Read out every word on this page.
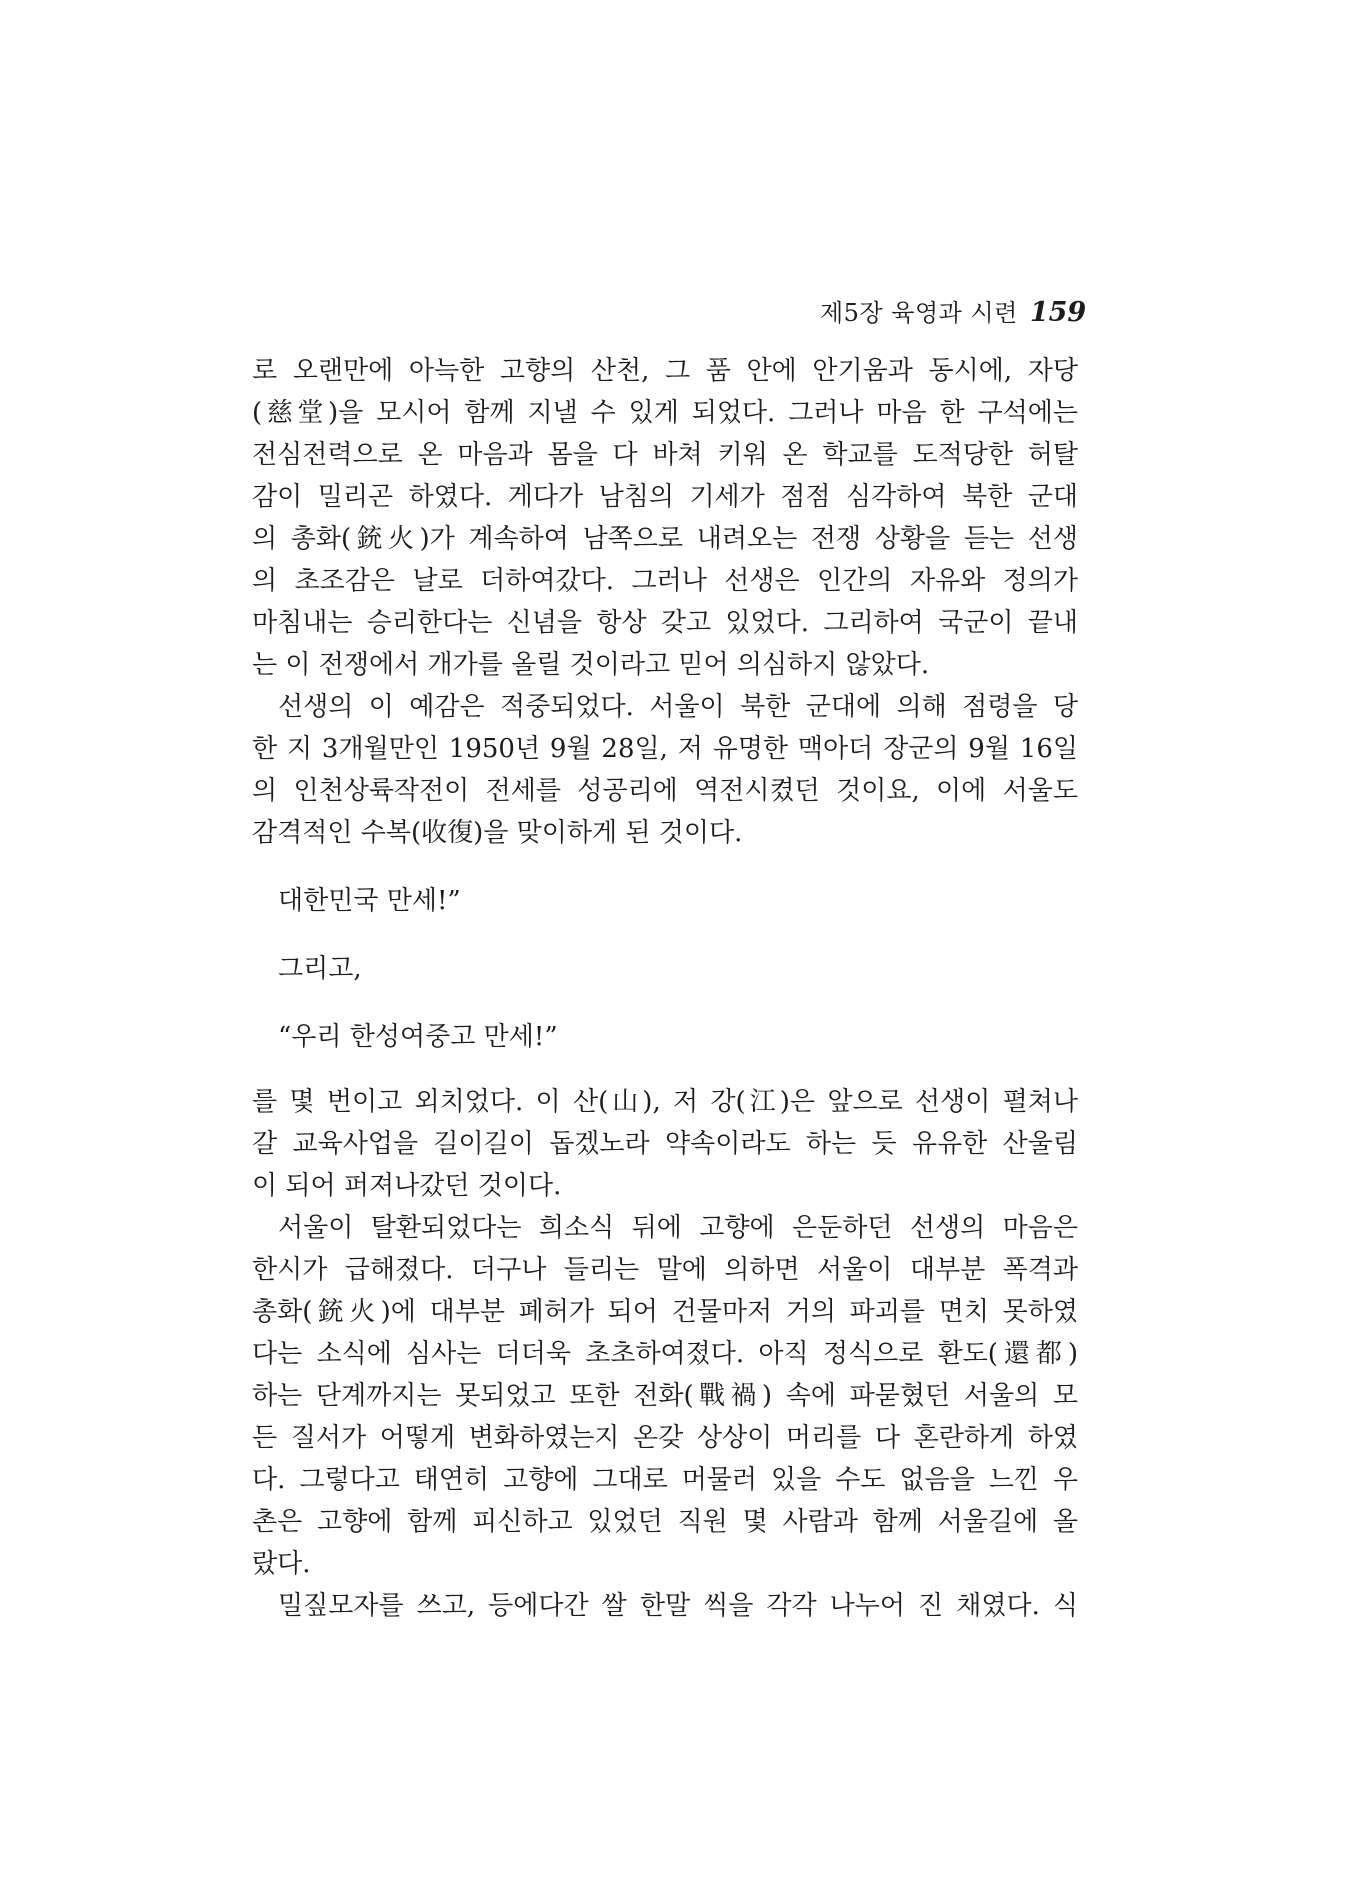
제5장 육영과 시련 159
로 오랜만에 아늑한 고향의 산천, 그 품 안에 안기움과 동시에, 자당
(慈堂)을 모시어 함께 지낼 수 있게 되었다. 그러나 마음 한 구석에는
전심전력으로 온 마음과 몸을 다 바쳐 키워 온 학교를 도적당한 허탈
감이 밀리곤 하였다. 게다가 남침의 기세가 점점 심각하여 북한 군대
의 총화(銃火)가 계속하여 남쪽으로 내려오는 전쟁 상황을 듣는 선생
의 초조감은 날로 더하여갔다. 그러나 선생은 인간의 자유와 정의가
마침내는 승리한다는 신념을 항상 갖고 있었다. 그리하여 국군이 끝내
는 이 전쟁에서 개가를 올릴 것이라고 믿어 의심하지 않았다.
선생의 이 예감은 적중되었다. 서울이 북한 군대에 의해 점령을 당
한 지 3개월만인 1950년 9월 28일, 저 유명한 맥아더 장군의 9월 16일
의 인천상륙작전이 전세를 성공리에 역전시켰던 것이요, 이에 서울도
감격적인 수복(收復)을 맞이하게 된 것이다.
대한민국 만세!”
그리고,
“우리 한성여중고 만세!”
를 몇 번이고 외치었다. 이 산(山), 저 강(江)은 앞으로 선생이 펼쳐나
갈 교육사업을 길이길이 돕겠노라 약속이라도 하는 듯 유유한 산울림
이 되어 퍼져나갔던 것이다.
서울이 탈환되었다는 희소식 뒤에 고향에 은둔하던 선생의 마음은
한시가 급해졌다. 더구나 들리는 말에 의하면 서울이 대부분 폭격과
총화(銃火)에 대부분 폐허가 되어 건물마저 거의 파괴를 면치 못하였
다는 소식에 심사는 더더욱 초초하여졌다. 아직 정식으로 환도(還都)
하는 단계까지는 못되었고 또한 전화(戰禍) 속에 파묻혔던 서울의 모
든 질서가 어떻게 변화하였는지 온갖 상상이 머리를 다 혼란하게 하였
다. 그렇다고 태연히 고향에 그대로 머물러 있을 수도 없음을 느낀 우
촌은 고향에 함께 피신하고 있었던 직원 몇 사람과 함께 서울길에 올
랐다.
밀짚모자를 쓰고, 등에다간 쌀 한말 씩을 각각 나누어 진 채였다. 식
